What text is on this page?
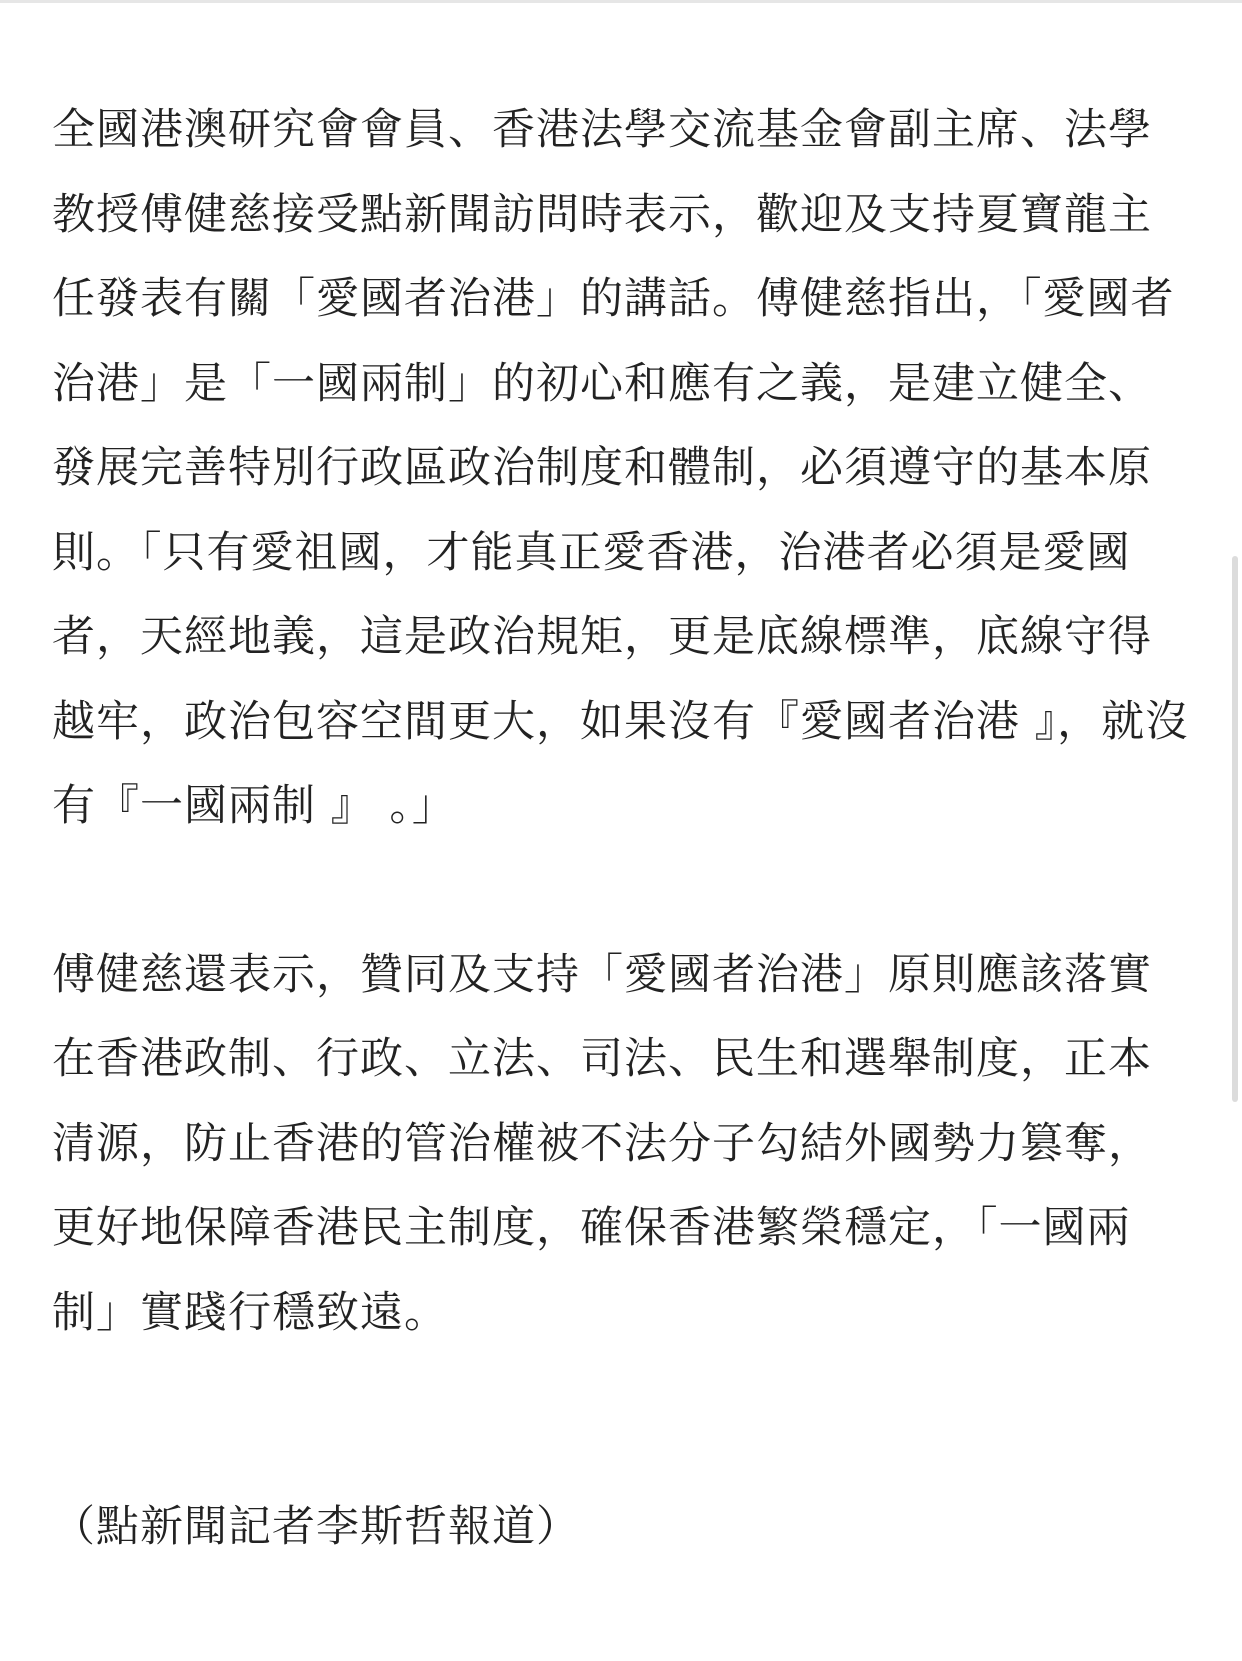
全國港澳研究會會員、香港法學交流基金會副主席、法學教授傅健慈接受點新聞訪問時表示，歡迎及支持夏寶龍主任發表有關「愛國者治港」的講話。傅健慈指出，「愛國者治港」是「一國兩制」的初心和應有之義，是建立健全、發展完善特別行政區政治制度和體制，必須遵守的基本原則。「只有愛祖國，才能真正愛香港，治港者必須是愛國者，天經地義，這是政治規矩，更是底線標準，底線守得越牢，政治包容空間更大，如果沒有『愛國者治港 』，就沒有『一國兩制 』 。」

傅健慈還表示，贊同及支持「愛國者治港」原則應該落實在香港政制、行政、立法、司法、民生和選舉制度，正本清源，防止香港的管治權被不法分子勾結外國勢力篡奪，更好地保障香港民主制度，確保香港繁榮穩定，「一國兩制」實踐行穩致遠。

（點新聞記者李斯哲報道）
